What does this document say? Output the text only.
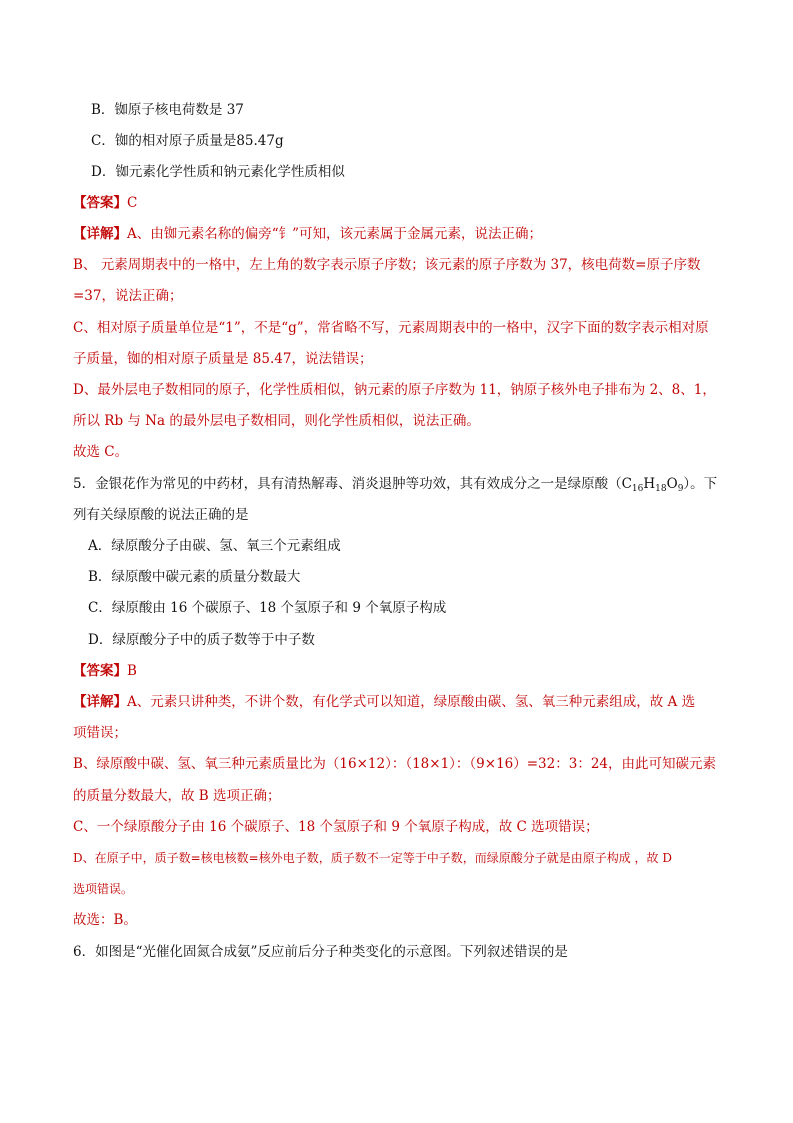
B．铷原子核电荷数是 37
C．铷的相对原子质量是85.47g
D．铷元素化学性质和钠元素化学性质相似
【答案】C
【详解】A、由铷元素名称的偏旁“钅”可知，该元素属于金属元素，说法正确；
B、 元素周期表中的一格中，左上角的数字表示原子序数；该元素的原子序数为 37，核电荷数=原子序数
=37，说法正确；
C、相对原子质量单位是“1”，不是“g”，常省略不写，元素周期表中的一格中，汉字下面的数字表示相对原
子质量，铷的相对原子质量是 85.47，说法错误；
D、最外层电子数相同的原子，化学性质相似，钠元素的原子序数为 11，钠原子核外电子排布为 2、8、1，
所以 Rb 与 Na 的最外层电子数相同，则化学性质相似，说法正确。
故选 C。
5．金银花作为常见的中药材，具有清热解毒、消炎退肿等功效，其有效成分之一是绿原酸$(C_{16}H_{18}O_9)$。下
列有关绿原酸的说法正确的是
A．绿原酸分子由碳、氢、氧三个元素组成
B．绿原酸中碳元素的质量分数最大
C．绿原酸由 16 个碳原子、18 个氢原子和 9 个氧原子构成
D．绿原酸分子中的质子数等于中子数
【答案】B
【详解】A、元素只讲种类，不讲个数，有化学式可以知道，绿原酸由碳、氢、氧三种元素组成，故 A 选
项错误；
B、绿原酸中碳、氢、氧三种元素质量比为（16×12）：（18×1）：（9×16）=32：3：24，由此可知碳元素
的质量分数最大，故 B 选项正确；
C、一个绿原酸分子由 16 个碳原子、18 个氢原子和 9 个氧原子构成，故 C 选项错误；
D、在原子中，质子数=核电核数=核外电子数，质子数不一定等于中子数，而绿原酸分子就是由原子构成 ，故 D
选项错误。
故选：B。
6．如图是“光催化固氮合成氨”反应前后分子种类变化的示意图。下列叙述错误的是
